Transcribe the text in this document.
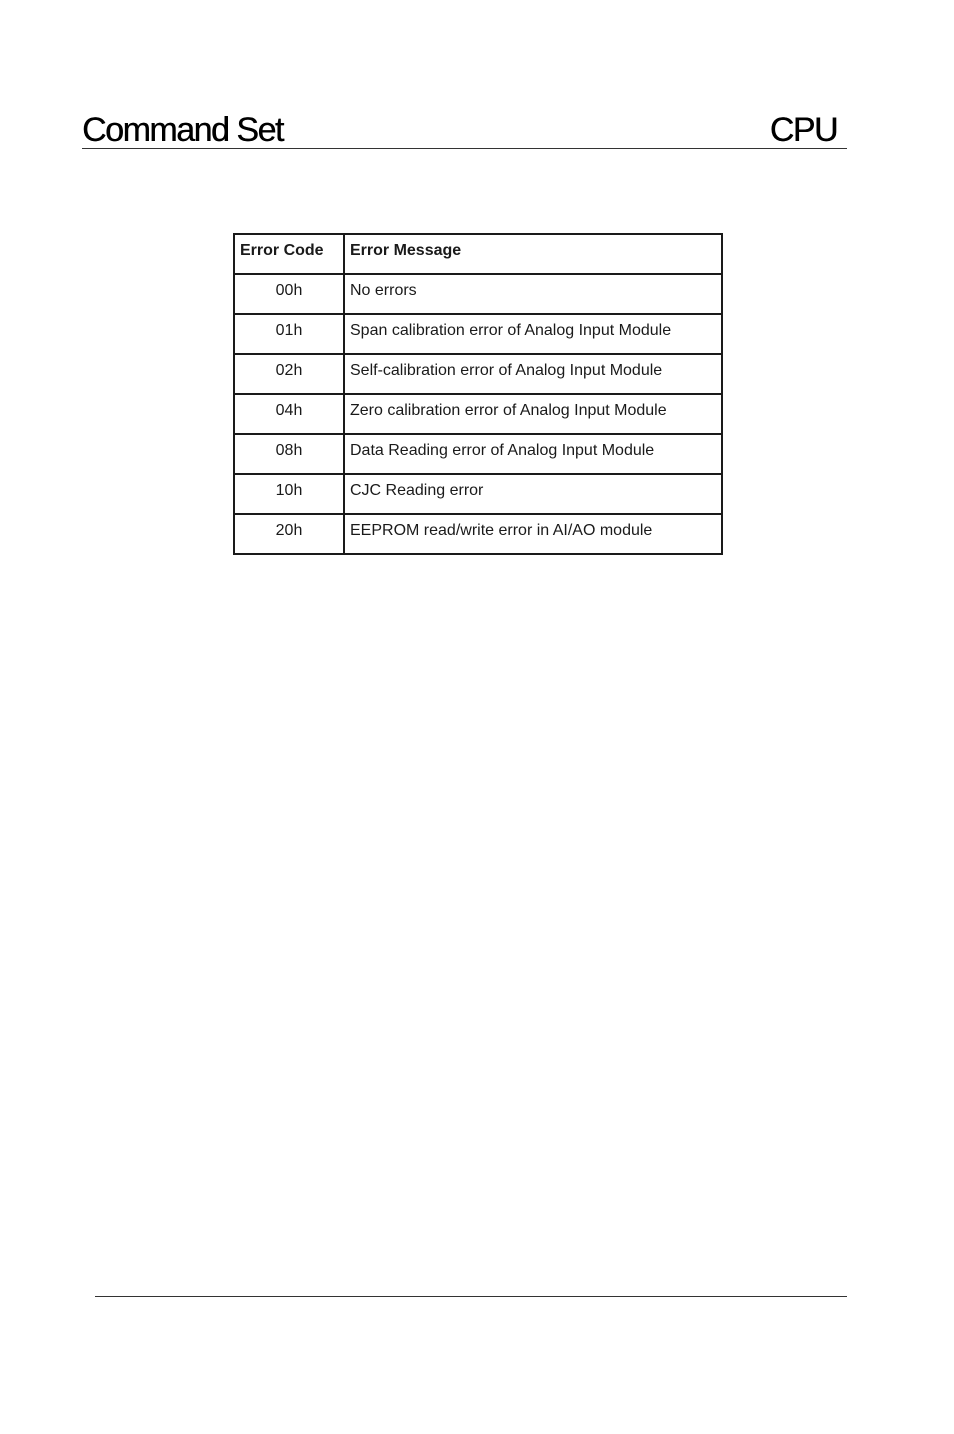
Command Set	CPU
Error Code	Error Message
00h	No errors
01h	Span calibration error of Analog Input Module
02h	Self-calibration error of Analog Input Module
04h	Zero calibration error of Analog Input Module
08h	Data Reading error of Analog Input Module
10h	CJC Reading error
20h	EEPROM read/write error in AI/AO module
